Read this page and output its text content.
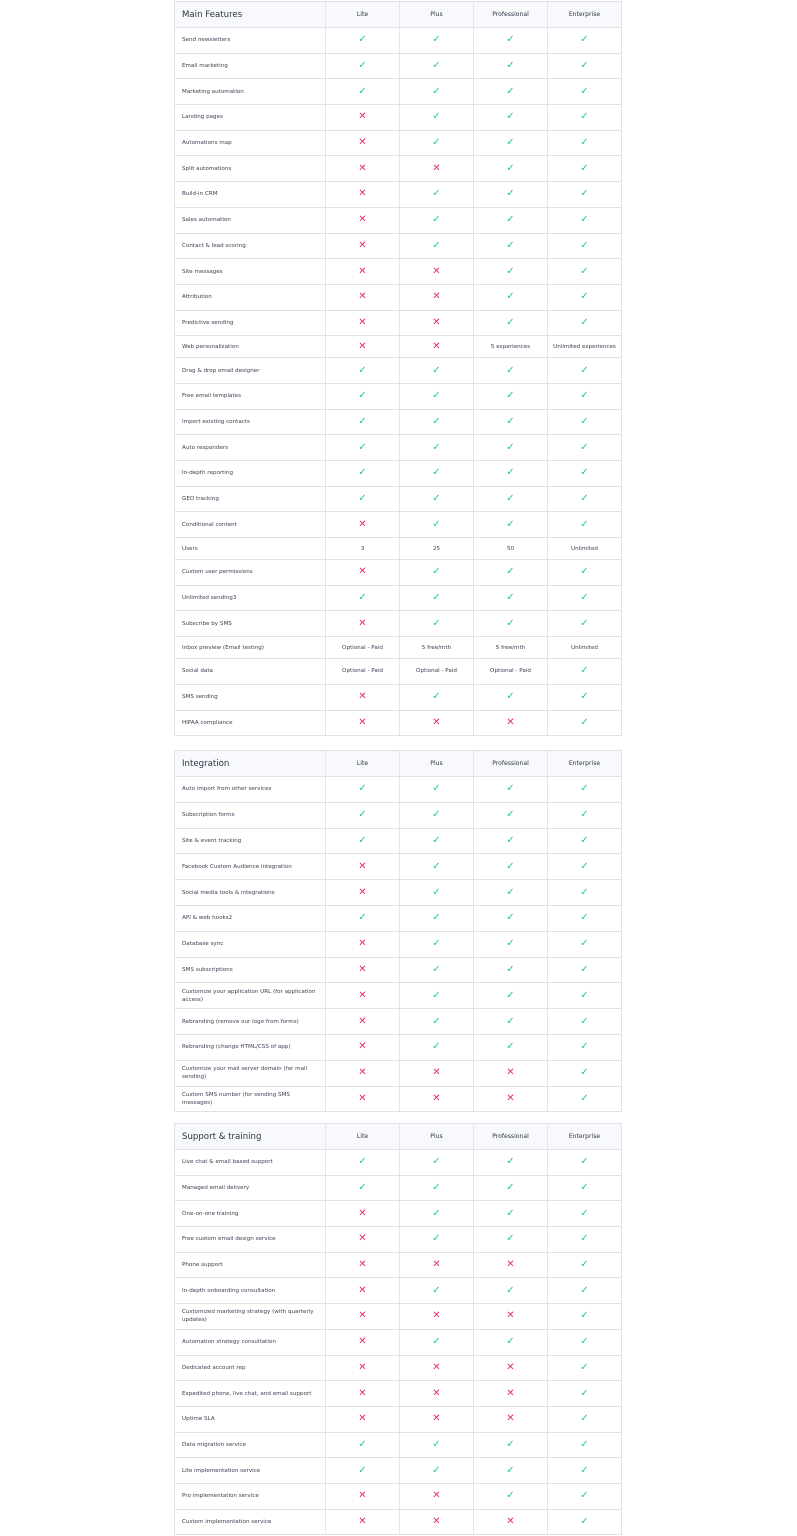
Main Features	Lite	Plus	Professional	Enterprise
Send newsletters	✓	✓	✓	✓
Email marketing	✓	✓	✓	✓
Marketing automation	✓	✓	✓	✓
Landing pages	✕	✓	✓	✓
Automations map	✕	✓	✓	✓
Split automations	✕	✕	✓	✓
Build-in CRM	✕	✓	✓	✓
Sales automation	✕	✓	✓	✓
Contact & lead scoring	✕	✓	✓	✓
Site messages	✕	✕	✓	✓
Attribution	✕	✕	✓	✓
Predictive sending	✕	✕	✓	✓
Web personalization	✕	✕	5 experiences	Unlimited experiences
Drag & drop email designer	✓	✓	✓	✓
Free email templates	✓	✓	✓	✓
Import existing contacts	✓	✓	✓	✓
Auto responders	✓	✓	✓	✓
In-depth reporting	✓	✓	✓	✓
GEO tracking	✓	✓	✓	✓
Conditional content	✕	✓	✓	✓
Users	3	25	50	Unlimited
Custom user permissions	✕	✓	✓	✓
Unlimited sending3	✓	✓	✓	✓
Subscribe by SMS	✕	✓	✓	✓
Inbox preview (Email testing)	Optional - Paid	5 free/mth	5 free/mth	Unlimited
Social data	Optional - Paid	Optional - Paid	Optional - Paid	✓
SMS sending	✕	✓	✓	✓
HIPAA compliance	✕	✕	✕	✓
Integration	Lite	Plus	Professional	Enterprise
Auto import from other services	✓	✓	✓	✓
Subscription forms	✓	✓	✓	✓
Site & event tracking	✓	✓	✓	✓
Facebook Custom Audience integration	✕	✓	✓	✓
Social media tools & integrations	✕	✓	✓	✓
API & web hooks2	✓	✓	✓	✓
Database sync	✕	✓	✓	✓
SMS subscriptions	✕	✓	✓	✓
Customize your application URL (for application access)	✕	✓	✓	✓
Rebranding (remove our logo from forms)	✕	✓	✓	✓
Rebranding (change HTML/CSS of app)	✕	✓	✓	✓
Customize your mail server domain (for mail sending)	✕	✕	✕	✓
Custom SMS number (for sending SMS messages)	✕	✕	✕	✓
Support & training	Lite	Plus	Professional	Enterprise
Live chat & email based support	✓	✓	✓	✓
Managed email delivery	✓	✓	✓	✓
One-on-one training	✕	✓	✓	✓
Free custom email design service	✕	✓	✓	✓
Phone support	✕	✕	✕	✓
In-depth onboarding consultation	✕	✓	✓	✓
Customized marketing strategy (with quarterly updates)	✕	✕	✕	✓
Automation strategy consultation	✕	✓	✓	✓
Dedicated account rep	✕	✕	✕	✓
Expedited phone, live chat, and email support	✕	✕	✕	✓
Uptime SLA	✕	✕	✕	✓
Data migration service	✓	✓	✓	✓
Lite implementation service	✓	✓	✓	✓
Pro implementation service	✕	✕	✓	✓
Custom implementation service	✕	✕	✕	✓
